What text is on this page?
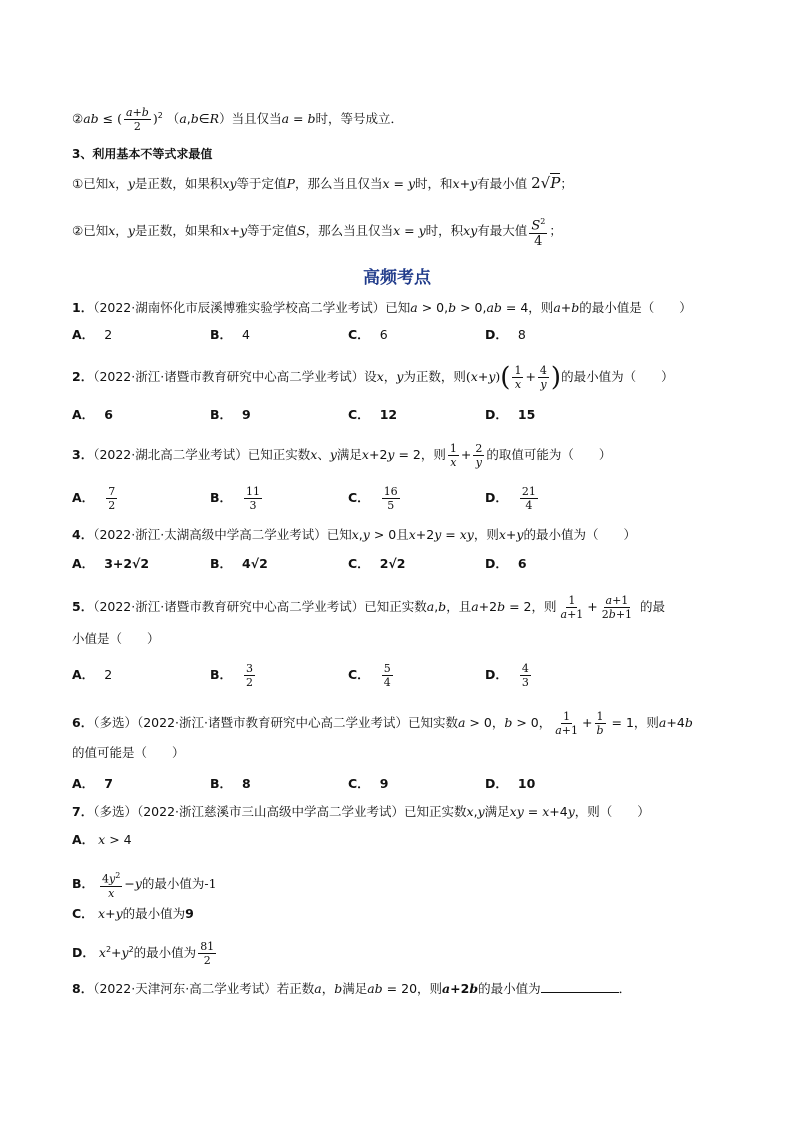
②ab ≤ ( $\frac{a+b}{2} )^2$ （a,b∈R）当且仅当a = b时，等号成立．
3、利用基本不等式求最值
①已知x，y是正数，如果积xy等于定值P，那么当且仅当x = y时，和x+y有最小值 2√P；
②已知x，y是正数，如果和x+y等于定值S，那么当且仅当x = y时，积xy有最大值 $\frac{S^2}{4}$ ；
高频考点
1．（2022·湖南怀化市辰溪博雅实验学校高二学业考试）已知a > 0,b > 0,ab = 4，则a+b的最小值是（　　）
A． 2	B． 4	C． 6	D． 8
2．（2022·浙江·诸暨市教育研究中心高二学业考试）设x，y为正数，则$(x+y)( \frac{1}{x} + \frac{4}{y}$ )的最小值为（　　）
A． 6	B． 9	C． 12	D． 15
3．（2022·湖北高二学业考试）已知正实数x、y满足x+2y = 2，则 $\frac{1}{x} + \frac{2}{y}$ 的取值可能为（　　）
A． $\frac{7}{2}$	B． $\frac{11}{3}$	C． $\frac{16}{5}$	D． $\frac{21}{4}$
4．（2022·浙江·太湖高级中学高二学业考试）已知x,y > 0且x+2y = xy，则x+y的最小值为（　　）
A． 3+2√2	B． 4√2	C． 2√2	D． 6
5．（2022·浙江·诸暨市教育研究中心高二学业考试）已知正实数a,b，且a+2b = 2，则 $\frac{1}{a+1} + \frac{a+1}{2b+1}$ 的最
小值是（　　）
A． 2	B． $\frac{3}{2}$	C． $\frac{5}{4}$	D． $\frac{4}{3}$
6．（多选）（2022·浙江·诸暨市教育研究中心高二学业考试）已知实数a > 0，b > 0， $\frac{1}{a+1} + \frac{1}{b} = 1$，则a+4b
的值可能是（　　）
A． 7	B． 8	C． 9	D． 10
7．（多选）（2022·浙江慈溪市三山高级中学高二学业考试）已知正实数x,y满足xy = x+4y，则（　　）
A． x > 4
B． $\frac{4y^2}{x} -y$的最小值为-1
C． x+y的最小值为9
D． $x^2+y^2$的最小值为 $\frac{81}{2}$
8．（2022·天津河东·高二学业考试）若正数a，b满足ab = 20，则a+2b的最小值为	．
